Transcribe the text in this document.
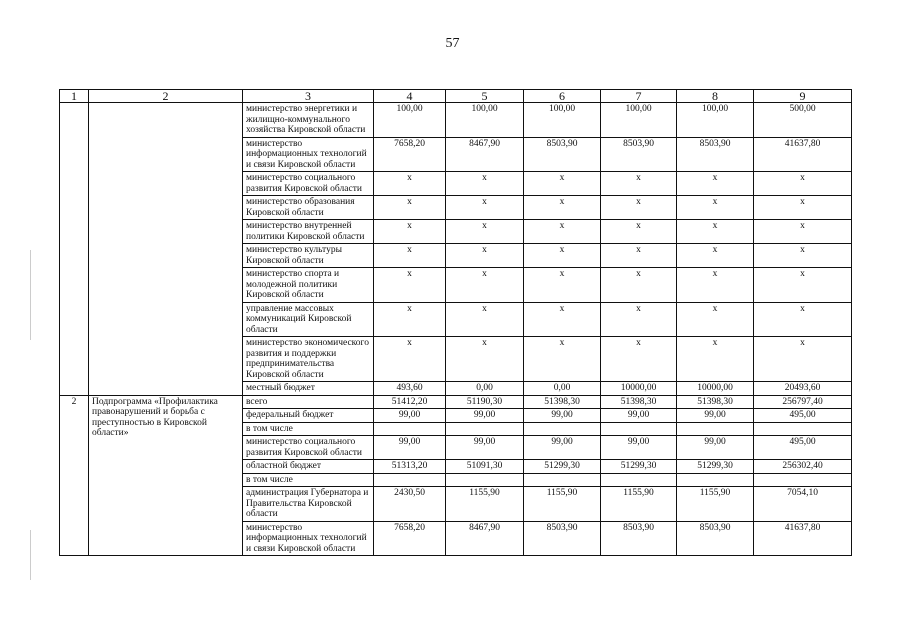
57
1	2	3	4	5	6	7	8	9
		министерство энергетики и жилищно-коммунального хозяйства Кировской области	100,00	100,00	100,00	100,00	100,00	500,00
		министерство информационных технологий и связи Кировской области	7658,20	8467,90	8503,90	8503,90	8503,90	41637,80
		министерство социального развития Кировской области	x	x	x	x	x	x
		министерство образования Кировской области	x	x	x	x	x	x
		министерство внутренней политики Кировской области	x	x	x	x	x	x
		министерство культуры Кировской области	x	x	x	x	x	x
		министерство спорта и молодежной политики Кировской области	x	x	x	x	x	x
		управление массовых коммуникаций Кировской области	x	x	x	x	x	x
		министерство экономического развития и поддержки предпринимательства Кировской области	x	x	x	x	x	x
		местный бюджет	493,60	0,00	0,00	10000,00	10000,00	20493,60
2	Подпрограмма «Профилактика правонарушений и борьба с преступностью в Кировской области»	всего	51412,20	51190,30	51398,30	51398,30	51398,30	256797,40
		федеральный бюджет	99,00	99,00	99,00	99,00	99,00	495,00
		в том числе						
		министерство социального развития Кировской области	99,00	99,00	99,00	99,00	99,00	495,00
		областной бюджет	51313,20	51091,30	51299,30	51299,30	51299,30	256302,40
		в том числе						
		администрация Губернатора и Правительства Кировской области	2430,50	1155,90	1155,90	1155,90	1155,90	7054,10
		министерство информационных технологий и связи Кировской области	7658,20	8467,90	8503,90	8503,90	8503,90	41637,80
